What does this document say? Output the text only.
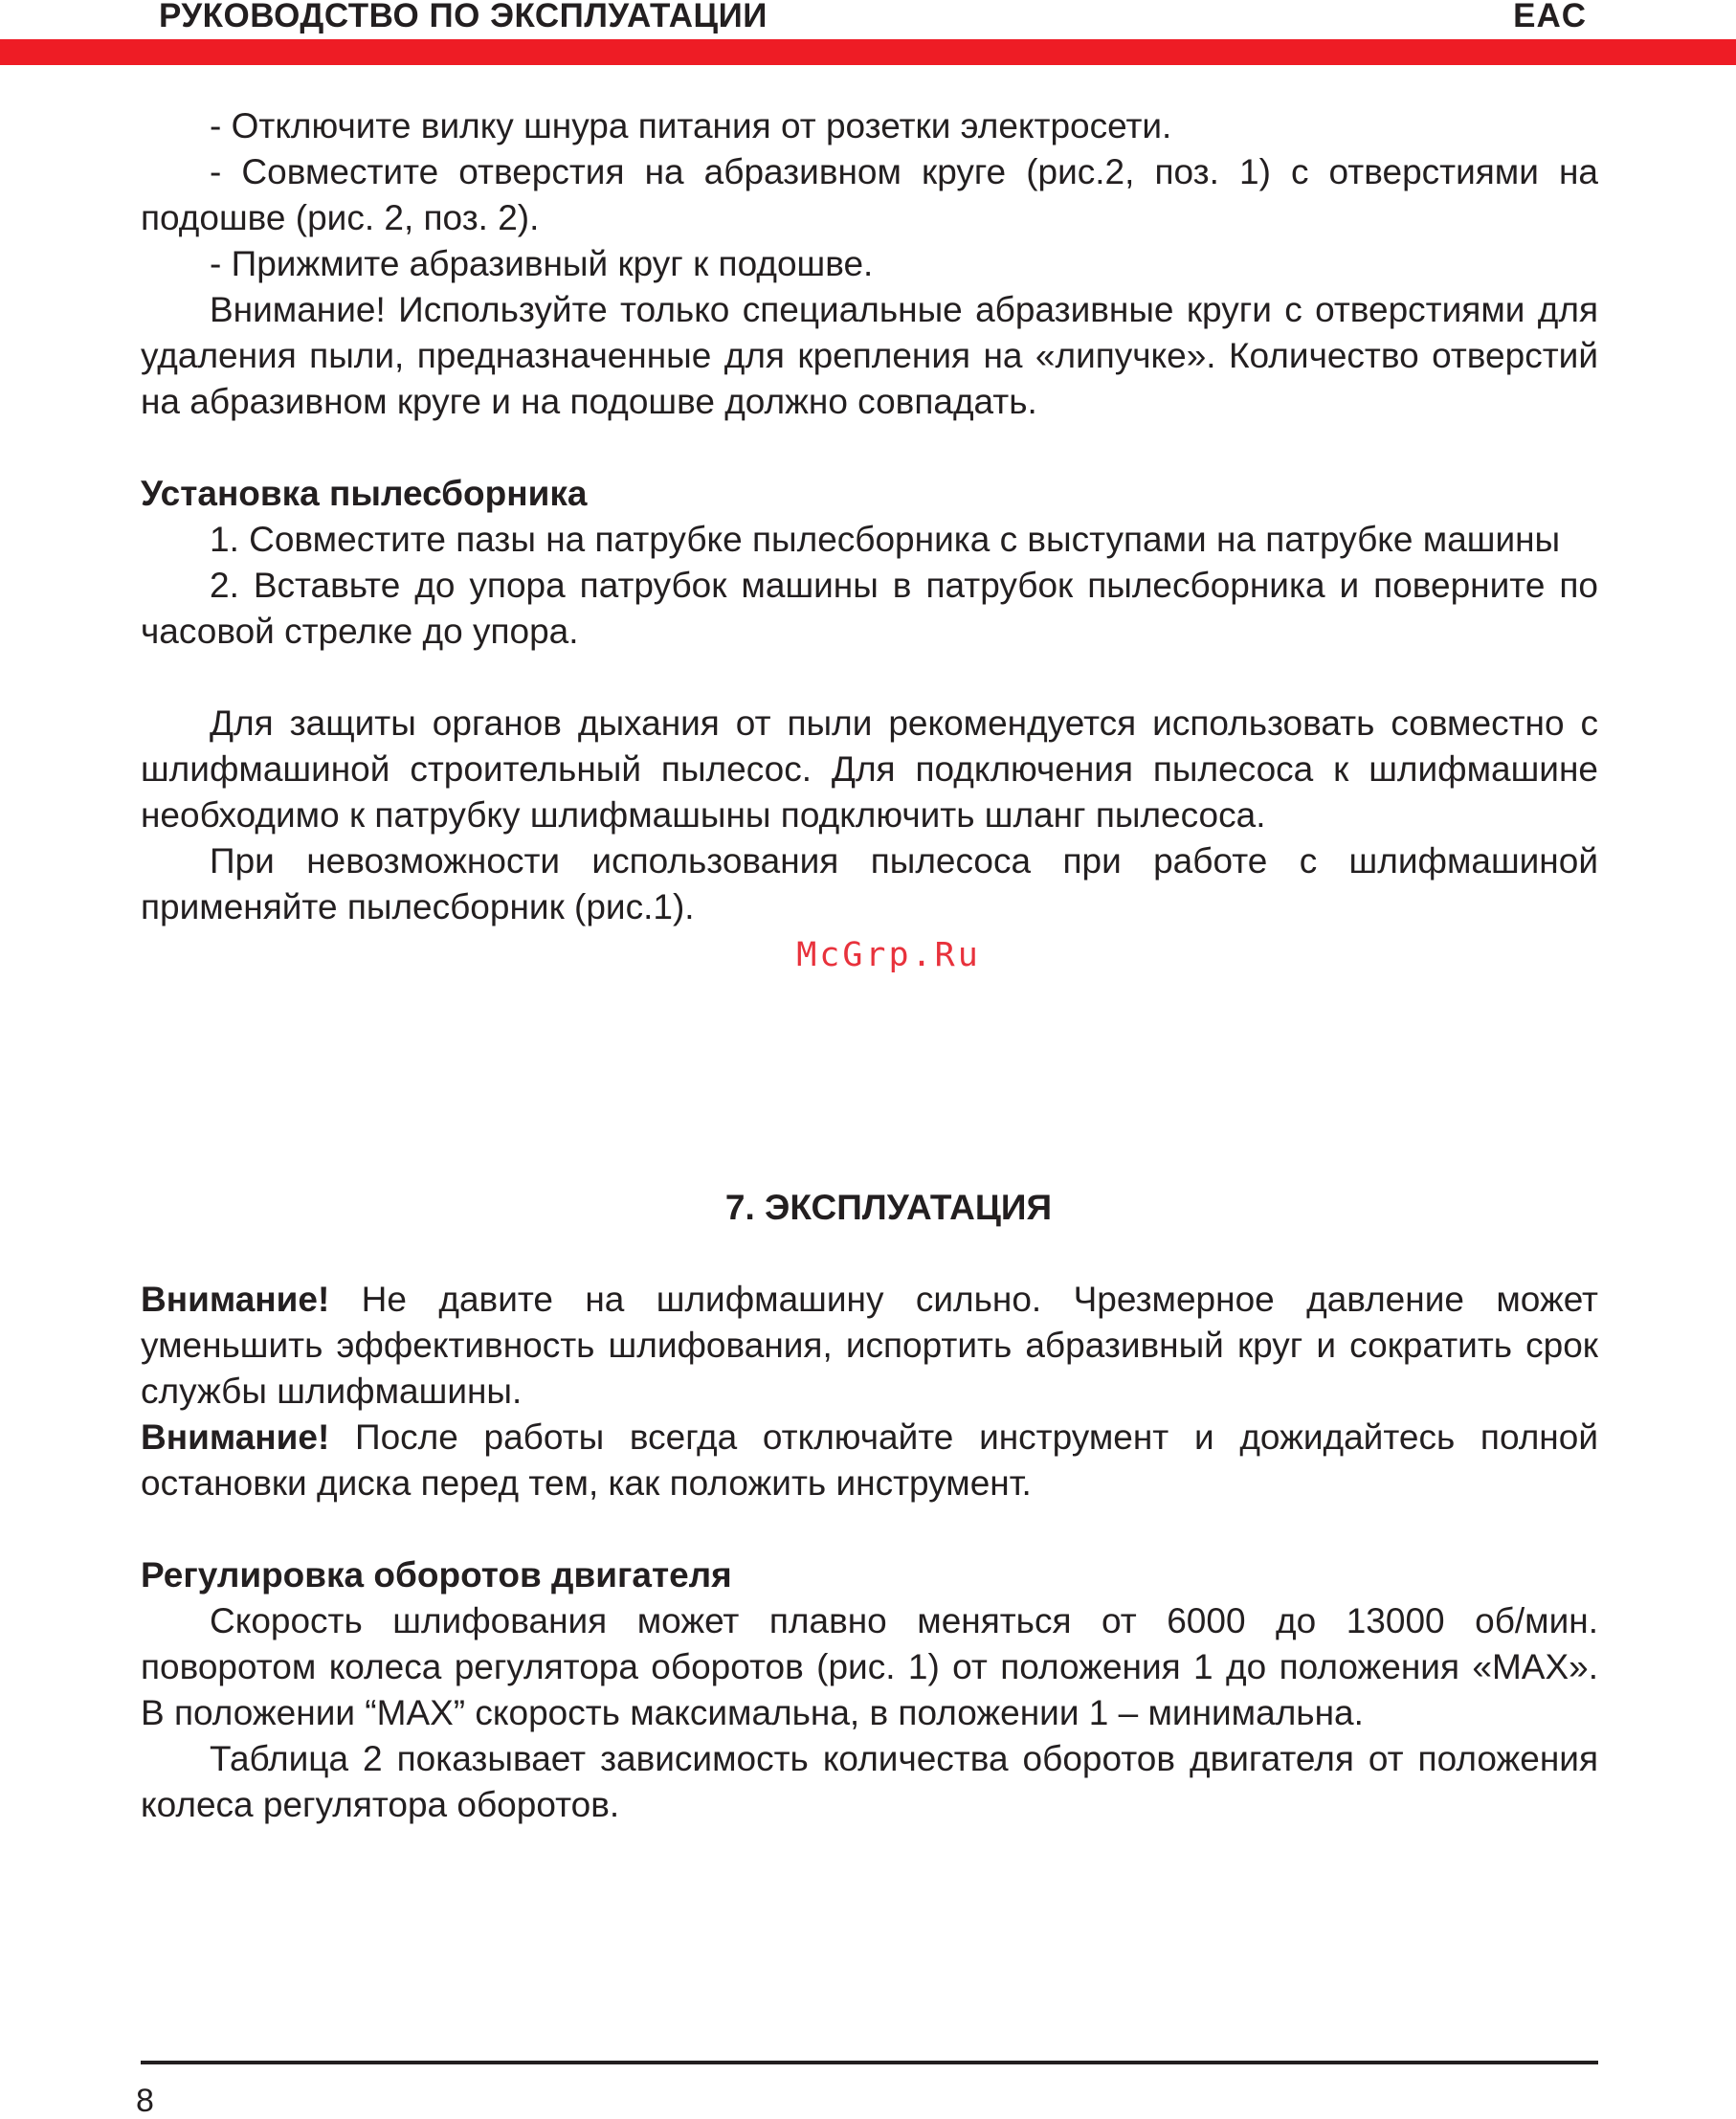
РУКОВОДСТВО ПО ЭКСПЛУАТАЦИИ	EAC

- Отключите вилку шнура питания от розетки электросети.

- Совместите отверстия на абразивном круге (рис.2, поз. 1) с отверстиями на подошве (рис. 2, поз. 2).

- Прижмите абразивный круг к подошве.

Внимание! Используйте только специальные абразивные круги с отверстиями для удаления пыли, предназначенные для крепления на «липучке». Количество отверстий на абразивном круге и на подошве должно совпадать.

Установка пылесборника

1. Совместите пазы на патрубке пылесборника с выступами на патрубке машины

2. Вставьте до упора патрубок машины в патрубок пылесборника и поверните по часовой стрелке до упора.

Для защиты органов дыхания от пыли рекомендуется использовать совместно с шлифмашиной строительный пылесос. Для подключения пылесоса к шлифмашине необходимо к патрубку шлифмашыны подключить шланг пылесоса.

При невозможности использования пылесоса при работе с шлифмашиной применяйте пылесборник (рис.1).

McGrp.Ru

7. ЭКСПЛУАТАЦИЯ

Внимание! Не давите на шлифмашину сильно. Чрезмерное давление может уменьшить эффективность шлифования, испортить абразивный круг и сократить срок службы шлифмашины.

Внимание! После работы всегда отключайте инструмент и дожидайтесь полной остановки диска перед тем, как положить инструмент.

Регулировка оборотов двигателя

Скорость шлифования может плавно меняться от 6000 до 13000 об/мин. поворотом колеса регулятора оборотов (рис. 1) от положения 1 до положения «MAX». В положении “MAX” скорость максимальна, в положении 1 – минимальна.

Таблица 2 показывает зависимость количества оборотов двигателя от положения колеса регулятора оборотов.

8
